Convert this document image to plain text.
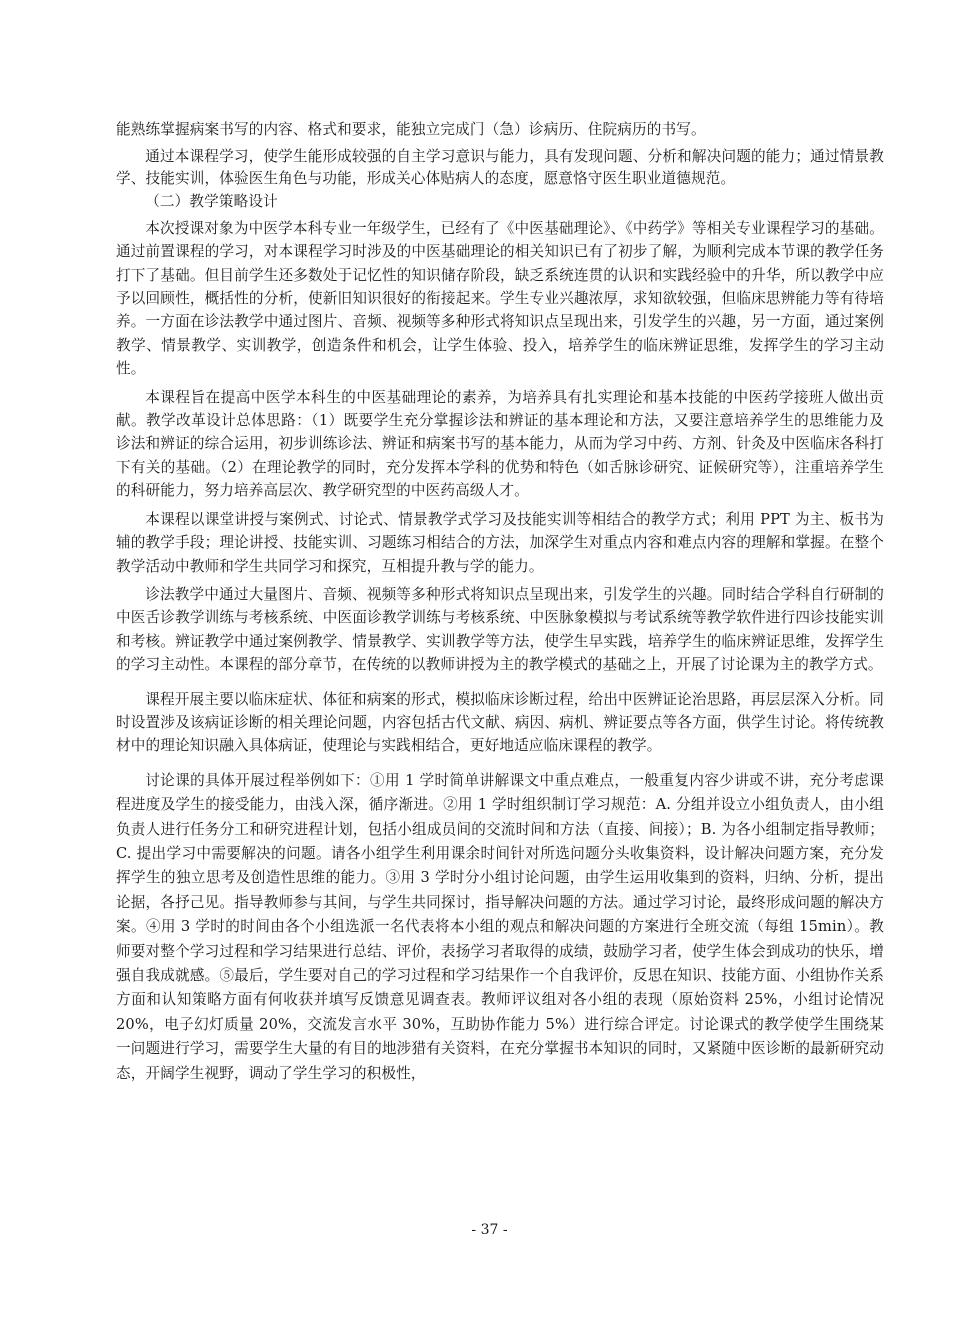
能熟练掌握病案书写的内容、格式和要求，能独立完成门（急）诊病历、住院病历的书写。

通过本课程学习，使学生能形成较强的自主学习意识与能力，具有发现问题、分析和解决问题的能力；通过情景教学、技能实训，体验医生角色与功能，形成关心体贴病人的态度，愿意恪守医生职业道德规范。

（二）教学策略设计

本次授课对象为中医学本科专业一年级学生，已经有了《中医基础理论》、《中药学》等相关专业课程学习的基础。通过前置课程的学习，对本课程学习时涉及的中医基础理论的相关知识已有了初步了解，为顺利完成本节课的教学任务打下了基础。但目前学生还多数处于记忆性的知识储存阶段，缺乏系统连贯的认识和实践经验中的升华，所以教学中应予以回顾性，概括性的分析，使新旧知识很好的衔接起来。学生专业兴趣浓厚，求知欲较强，但临床思辨能力等有待培养。一方面在诊法教学中通过图片、音频、视频等多种形式将知识点呈现出来，引发学生的兴趣，另一方面，通过案例教学、情景教学、实训教学，创造条件和机会，让学生体验、投入，培养学生的临床辨证思维，发挥学生的学习主动性。

本课程旨在提高中医学本科生的中医基础理论的素养，为培养具有扎实理论和基本技能的中医药学接班人做出贡献。教学改革设计总体思路：（1）既要学生充分掌握诊法和辨证的基本理论和方法，又要注意培养学生的思维能力及诊法和辨证的综合运用，初步训练诊法、辨证和病案书写的基本能力，从而为学习中药、方剂、针灸及中医临床各科打下有关的基础。（2）在理论教学的同时，充分发挥本学科的优势和特色（如舌脉诊研究、证候研究等），注重培养学生的科研能力，努力培养高层次、教学研究型的中医药高级人才。

本课程以课堂讲授与案例式、讨论式、情景教学式学习及技能实训等相结合的教学方式；利用 PPT 为主、板书为辅的教学手段；理论讲授、技能实训、习题练习相结合的方法，加深学生对重点内容和难点内容的理解和掌握。在整个教学活动中教师和学生共同学习和探究，互相提升教与学的能力。

诊法教学中通过大量图片、音频、视频等多种形式将知识点呈现出来，引发学生的兴趣。同时结合学科自行研制的中医舌诊教学训练与考核系统、中医面诊教学训练与考核系统、中医脉象模拟与考试系统等教学软件进行四诊技能实训和考核。辨证教学中通过案例教学、情景教学、实训教学等方法，使学生早实践，培养学生的临床辨证思维，发挥学生的学习主动性。本课程的部分章节，在传统的以教师讲授为主的教学模式的基础之上，开展了讨论课为主的教学方式。

课程开展主要以临床症状、体征和病案的形式，模拟临床诊断过程，给出中医辨证论治思路，再层层深入分析。同时设置涉及该病证诊断的相关理论问题，内容包括古代文献、病因、病机、辨证要点等各方面，供学生讨论。将传统教材中的理论知识融入具体病证，使理论与实践相结合，更好地适应临床课程的教学。

讨论课的具体开展过程举例如下：①用 1 学时简单讲解课文中重点难点，一般重复内容少讲或不讲，充分考虑课程进度及学生的接受能力，由浅入深，循序渐进。②用 1 学时组织制订学习规范：A. 分组并设立小组负责人，由小组负责人进行任务分工和研究进程计划，包括小组成员间的交流时间和方法（直接、间接）；B. 为各小组制定指导教师；C. 提出学习中需要解决的问题。请各小组学生利用课余时间针对所选问题分头收集资料，设计解决问题方案，充分发挥学生的独立思考及创造性思维的能力。③用 3 学时分小组讨论问题，由学生运用收集到的资料，归纳、分析，提出论据，各抒己见。指导教师参与其间，与学生共同探讨，指导解决问题的方法。通过学习讨论，最终形成问题的解决方案。④用 3 学时的时间由各个小组选派一名代表将本小组的观点和解决问题的方案进行全班交流（每组 15min）。教师要对整个学习过程和学习结果进行总结、评价，表扬学习者取得的成绩，鼓励学习者，使学生体会到成功的快乐，增强自我成就感。⑤最后，学生要对自己的学习过程和学习结果作一个自我评价，反思在知识、技能方面、小组协作关系方面和认知策略方面有何收获并填写反馈意见调查表。教师评议组对各小组的表现（原始资料 25%，小组讨论情况 20%，电子幻灯质量 20%，交流发言水平 30%，互助协作能力 5%）进行综合评定。讨论课式的教学使学生围绕某一问题进行学习，需要学生大量的有目的地涉猎有关资料，在充分掌握书本知识的同时，又紧随中医诊断的最新研究动态，开阔学生视野，调动了学生学习的积极性，

- 37 -
